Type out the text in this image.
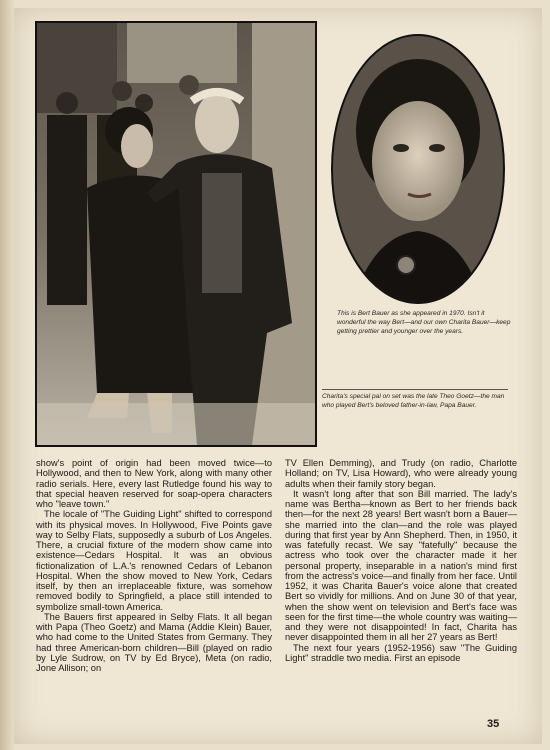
This is Bert Bauer as she appeared in 1970. Isn't it wonderful the way Bert—and our own Charita Bauer—keep getting prettier and younger over the years.
Charita's special pal on set was the late Theo Goetz—the man who played Bert's beloved father-in-law, Papa Bauer.

show's point of origin had been moved twice—to Hollywood, and then to New York, along with many other radio serials. Here, every last Rutledge found his way to that special heaven reserved for soap-opera characters who "leave town."

The locale of "The Guiding Light" shifted to correspond with its physical moves. In Hollywood, Five Points gave way to Selby Flats, supposedly a suburb of Los Angeles. There, a crucial fixture of the modern show came into existence—Cedars Hospital. It was an obvious fictionalization of L.A.'s renowned Cedars of Lebanon Hospital. When the show moved to New York, Cedars itself, by then an irreplaceable fixture, was somehow removed bodily to Springfield, a place still intended to symbolize small-town America.

The Bauers first appeared in Selby Flats. It all began with Papa (Theo Goetz) and Mama (Addie Klein) Bauer, who had come to the United States from Germany. They had three American-born children—Bill (played on radio by Lyle Sudrow, on TV by Ed Bryce), Meta (on radio, Jone Allison; on

TV Ellen Demming), and Trudy (on radio, Charlotte Holland; on TV, Lisa Howard), who were already young adults when their family story began.

It wasn't long after that son Bill married. The lady's name was Bertha—known as Bert to her friends back then—for the next 28 years! Bert wasn't born a Bauer—she married into the clan—and the role was played during that first year by Ann Shepherd. Then, in 1950, it was fatefully recast. We say "fatefully" because the actress who took over the character made it her personal property, inseparable in a nation's mind first from the actress's voice—and finally from her face. Until 1952, it was Charita Bauer's voice alone that created Bert so vividly for millions. And on June 30 of that year, when the show went on television and Bert's face was seen for the first time—the whole country was waiting—and they were not disappointed! In fact, Charita has never disappointed them in all her 27 years as Bert!

The next four years (1952-1956) saw "The Guiding Light" straddle two media. First an episode

35
